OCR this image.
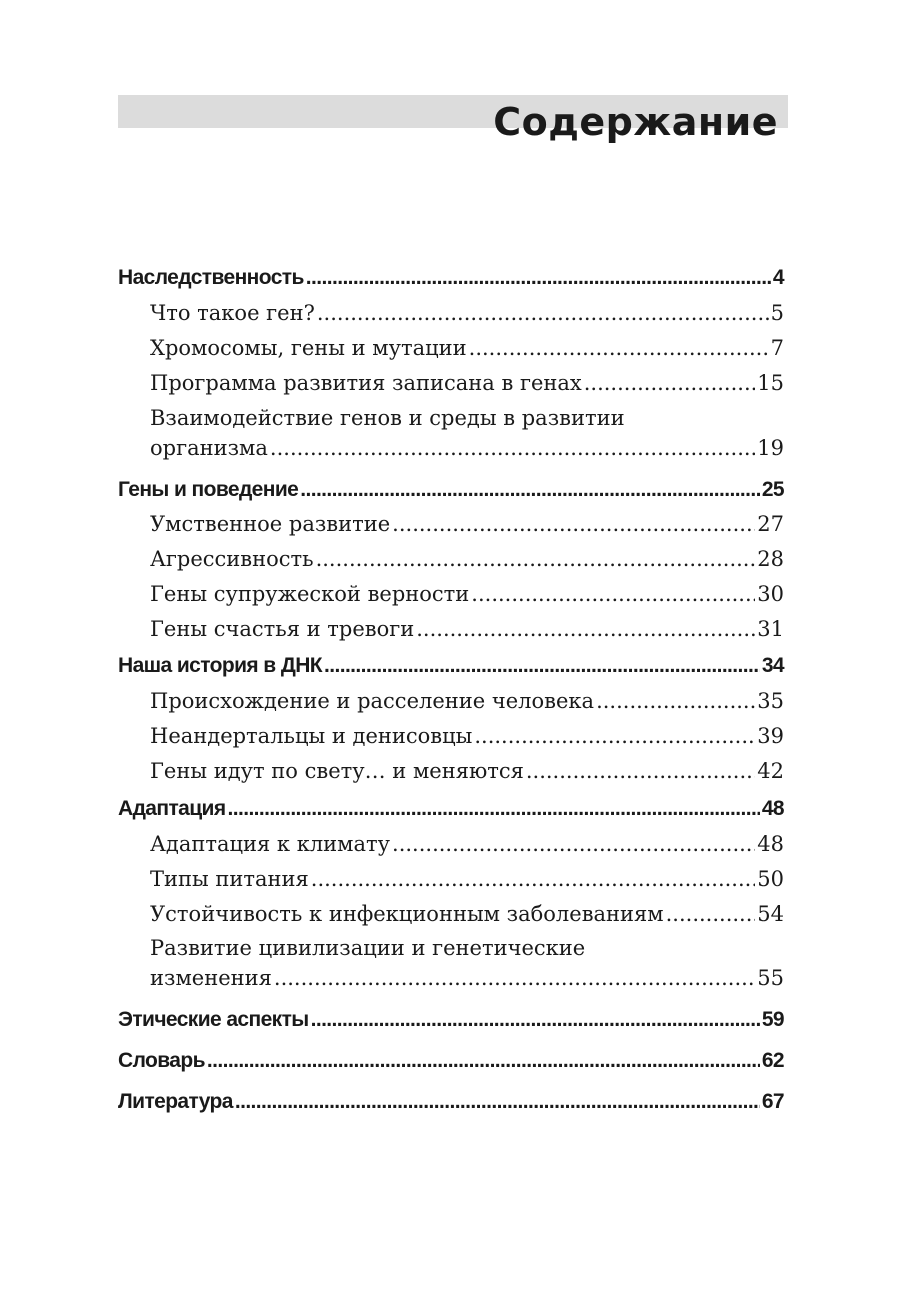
Содержание
Наследственность .....	4
Что такое ген? .....	5
Хромосомы, гены и мутации .....	7
Программа развития записана в генах .....	15
Взаимодействие генов и среды в развитии
организма .....	19
Гены и поведение .....	25
Умственное развитие .....	27
Агрессивность .....	28
Гены супружеской верности .....	30
Гены счастья и тревоги .....	31
Наша история в ДНК .....	34
Происхождение и расселение человека .....	35
Неандертальцы и денисовцы .....	39
Гены идут по свету… и меняются .....	42
Адаптация .....	48
Адаптация к климату .....	48
Типы питания .....	50
Устойчивость к инфекционным заболеваниям .....	54
Развитие цивилизации и генетические
изменения .....	55
Этические аспекты .....	59
Словарь .....	62
Литература .....	67
